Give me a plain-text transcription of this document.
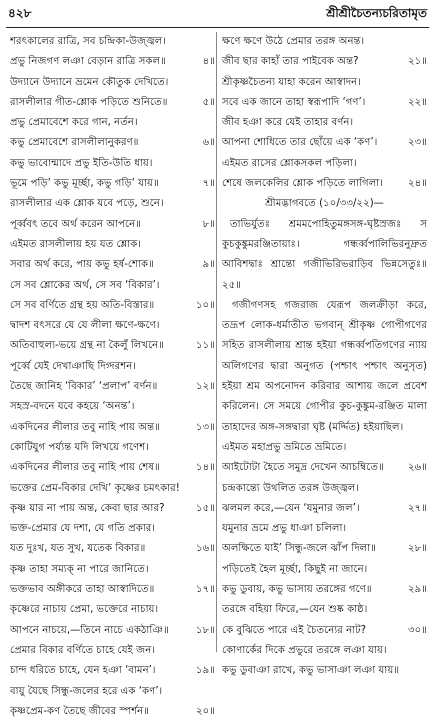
৪২৮	শ্রীশ্রীচৈতন্যচরিতামৃত
শরৎকালের রাত্রি, সব চন্দ্রিকা-উজ্জ্বল।
প্রভু নিজগণ লঞা বেড়ান রাত্রি সকল॥	৪॥
উদ্যানে উদ্যানে ভ্রমেন কৌতুক দেখিতে।
রাসলীলার গীত-শ্লোক পড়িতে শুনিতে॥	৫॥
প্রভু প্রেমাবেশে করে গান, নর্তন।
কভু প্রেমাবেশে রাসলীলানুকরণ॥	৬॥
কভু ভাবোন্মাদে প্রভু ইতি-উতি ধায়।
ভূমে পড়ি’ কভু মূর্চ্ছা, কভু গড়ি’ যায়॥	৭॥
রাসলীলার এক শ্লোক যবে পড়ে, শুনে।
পূর্ব্ববৎ তবে অর্থ করেন আপনে॥	৮॥
এইমত রাসলীলায় হয় যত শ্লোক।
সবার অর্থ করে, পায় কভু হর্ষ-শোক॥	৯॥
সে সব শ্লোকের অর্থ, সে সব ‘বিকার’।
সে সব বর্ণিতে গ্রন্থ হয় অতি-বিস্তার॥	১০॥
দ্বাদশ বৎসরে যে যে লীলা ক্ষণে-ক্ষণে।
অতিবাহুল্য-ভয়ে গ্রন্থ না কৈলুঁ লিখনে॥	১১॥
পূর্ব্বে যেই দেখাঞাছি দিগ্দরশন।
তৈছে জানিহ ‘বিকার’ ‘প্রলাপ’ বর্ণন॥	১২॥
সহস্র-বদনে যবে কহয়ে ‘অনন্ত’।
একদিনের লীলার তবু নাহি পায় অন্ত॥	১৩॥
কোটিযুগ পর্য্যন্ত যদি লিখয়ে গণেশ।
একদিনের লীলার তবু নাহি পায় শেষ॥	১৪॥
ভক্তের প্রেম-বিকার দেখি’ কৃষ্ণের চমৎকার!
কৃষ্ণ যার না পায় অন্ত, কেবা ছার আর?	১৫॥
ভক্ত-প্রেমার যে দশা, যে গতি প্রকার।
যত দুঃখ, যত সুখ, যতেক বিকার॥	১৬॥
কৃষ্ণ তাহা সম্যক্ না পারে জানিতে।
ভক্তভাব অঙ্গীকরে তাহা আস্বাদিতে॥	১৭॥
কৃষ্ণেরে নাচায় প্রেমা, ভক্তেরে নাচায়।
আপনে নাচয়ে,—তিনে নাচে একঠাঞি॥	১৮॥
প্রেমার বিকার বর্ণিতে চাহে যেই জন।
চান্দ ধরিতে চাহে, যেন হঞা ‘বামন’।	১৯॥
বায়ু যৈছে সিন্ধু-জলের হরে এক ‘কণ’।
কৃষ্ণপ্রেম-কণ তৈছে জীবের স্পর্শন॥	২০॥
ক্ষণে ক্ষণে উঠে প্রেমার তরঙ্গ অনন্ত।
জীব ছার কাহাঁ তার পাইবেক অন্ত?	২১॥
শ্রীকৃষ্ণচৈতন্য যাহা করেন আস্বাদন।
সবে এক জানে তাহা স্বরূপাদি ‘গণ’।	২২॥
জীব হঞা করে যেই তাহার বর্ণন।
আপনা শোধিতে তার ছোঁয়ে এক ‘কণ’।	২৩॥
এইমত রাসের শ্লোকসকল পড়িলা।
শেষে জলকেলির শ্লোক পড়িতে লাগিলা। ২৪॥
শ্রীমদ্ভাগবতে (১০/৩৩/২২)—
তাভির্যুতঃ শ্রমমপোহিতুমঙ্গসঙ্গ-ঘৃষ্টস্রজঃ স কুচকুঙ্কুমরঞ্জিতায়াঃ। গন্ধর্ব্বপালিভিরনুদ্রুত আবিশদ্বাঃ শ্রান্তো গজীভিরিভরাড়িব ভিন্নসেতুঃ॥ ২৫॥
গজীগণসহ গজরাজ যেরূপ জলক্রীড়া করে, তদ্রূপ লোক-ধর্মাতীত ভগবান্ শ্রীকৃষ্ণ গোপীগণের সহিত রাসলীলায় শ্রান্ত হইয়া গন্ধর্ব্বপতিগণের ন্যায় অলিগণের দ্বারা অনুগত (পশ্চাৎ পশ্চাৎ অনুসৃত) হইয়া শ্রম অপনোদন করিবার আশায় জলে প্রবেশ করিলেন। সে সময়ে গোপীর কুচ-কুঙ্কুম-রঞ্জিত মালা তাহাদের অঙ্গ-সঙ্গদ্বারা ঘৃষ্ট (মর্দ্দিত) হইয়াছিল।
এইমত মহাপ্রভু ভ্রমিতে ভ্রমিতে।
আইটোটা হৈতে সমুদ্র দেখেন আচম্বিতে॥ ২৬॥
চন্দ্রকান্ত্যে উথলিত তরঙ্গ উজ্জ্বল।
ঝলমল করে,—যেন ‘যমুনার জল’।	২৭॥
যমুনার ভ্রমে প্রভু ধাঞা চলিলা।
অলক্ষিতে যাই’ সিন্ধু-জলে ঝাঁপ দিলা॥	২৮॥
পড়িতেই হৈল মূর্চ্ছা, কিছুই না জানে।
কভু ডুবায়, কভু ভাসায় তরঙ্গের গণে॥	২৯॥
তরঙ্গে বহিয়া ফিরে,—যেন শুষ্ক কাষ্ঠ।
কে বুঝিতে পারে এই চৈতন্যের নাট?	৩০॥
কোণার্কের দিকে প্রভুরে তরঙ্গে লঞা যায়।
কভু ডুবাঞা রাখে, কভু ভাসাঞা লঞা যায়॥
